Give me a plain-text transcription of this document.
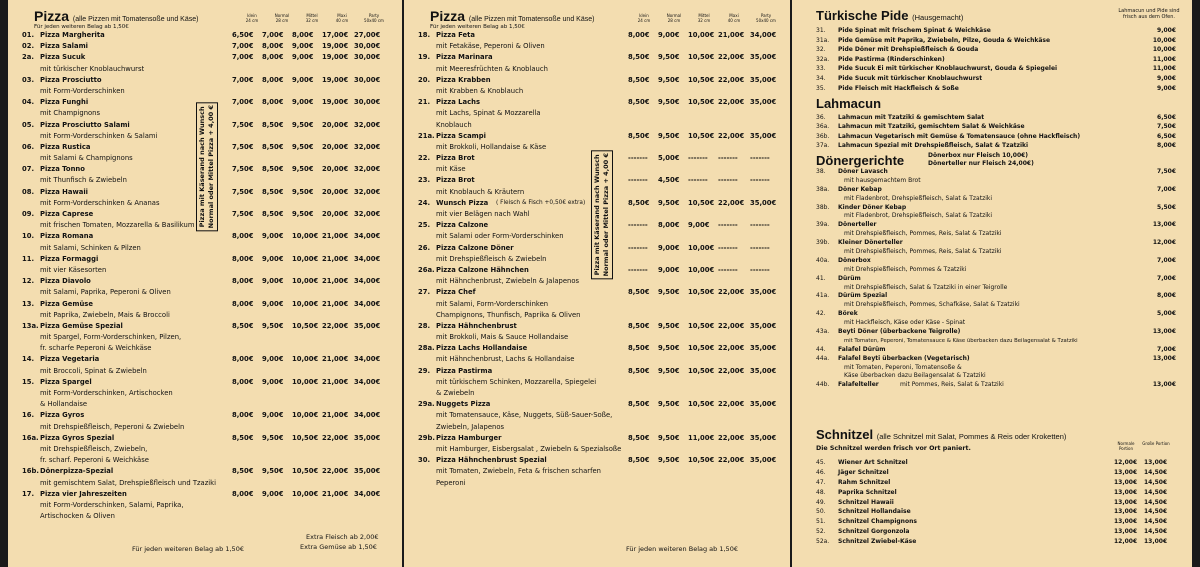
Pizza (alle Pizzen mit Tomatensoße und Käse)
Für jeden weiteren Belag ab 1,50€
klein
24 cm
Normal
28 cm
Mittel
32 cm
Maxi
40 cm
Party
50x40 cm
01. Pizza Margherita	6,50€	7,00€	8,00€	17,00€ 27,00€
02. Pizza Salami	7,00€	8,00€	9,00€	19,00€ 30,00€
2a. Pizza Sucuk	7,00€	8,00€	9,00€	19,00€ 30,00€
mit türkischer Knoblauchwurst
03. Pizza Prosciutto	7,00€	8,00€	9,00€	19,00€ 30,00€
mit Form-Vorderschinken
04. Pizza Funghi	7,00€	8,00€	9,00€	19,00€ 30,00€
mit Champignons
05. Pizza Prosciutto Salami	7,50€	8,50€	9,50€	20,00€ 32,00€
mit Form-Vorderschinken & Salami
06. Pizza Rustica	7,50€	8,50€	9,50€	20,00€ 32,00€
mit Salami & Champignons
07. Pizza Tonno	7,50€	8,50€	9,50€	20,00€ 32,00€
mit Thunfisch & Zwiebeln
08. Pizza Hawaii	7,50€	8,50€	9,50€	20,00€ 32,00€
mit Form-Vorderschinken & Ananas
09. Pizza Caprese	7,50€	8,50€	9,50€	20,00€ 32,00€
mit frischen Tomaten, Mozzarella & Basilikum
10. Pizza Romana	8,00€	9,00€	10,00€ 21,00€ 34,00€
mit Salami, Schinken & Pilzen
11. Pizza Formaggi	8,00€	9,00€	10,00€ 21,00€ 34,00€
mit vier Käsesorten
12. Pizza Diavolo	8,00€	9,00€	10,00€ 21,00€ 34,00€
mit Salami, Paprika, Peperoni & Oliven
13. Pizza Gemüse	8,00€	9,00€	10,00€ 21,00€ 34,00€
mit Paprika, Zwiebeln, Mais & Broccoli
13a. Pizza Gemüse Spezial	8,50€	9,50€	10,50€ 22,00€ 35,00€
mit Spargel, Form-Vorderschinken, Pilzen,
fr. scharfe Peperoni & Weichkäse
14. Pizza Vegetaria	8,00€	9,00€	10,00€ 21,00€ 34,00€
mit Broccoli, Spinat & Zwiebeln
15. Pizza Spargel	8,00€	9,00€	10,00€ 21,00€ 34,00€
mit Form-Vorderschinken, Artischocken
& Hollandaise
16. Pizza Gyros	8,00€	9,00€	10,00€ 21,00€ 34,00€
mit Drehspießfleisch, Peperoni & Zwiebeln
16a. Pizza Gyros Spezial	8,50€	9,50€	10,50€ 22,00€ 35,00€
mit Drehspießfleisch, Zwiebeln,
fr. scharf. Peperoni & Weichkäse
16b. Dönerpizza-Spezial	8,50€	9,50€	10,50€ 22,00€ 35,00€
mit gemischtem Salat, Drehspießfleisch und Tzaziki
17. Pizza vier Jahreszeiten	8,00€	9,00€	10,00€ 21,00€ 34,00€
mit Form-Vorderschinken, Salami, Paprika,
Artischocken & Oliven
Pizza mit Käserand nach Wunsch
Normal oder Mittel Pizza + 4,00 €
Extra Fleisch ab 2,00€
Extra Gemüse ab 1,50€
Für jeden weiteren Belag ab 1,50€
Pizza (alle Pizzen mit Tomatensoße und Käse)
Für jeden weiteren Belag ab 1,50€
klein
24 cm
Normal
28 cm
Mittel
32 cm
Maxi
40 cm
Party
50x40 cm
18. Pizza Feta	8,00€	9,00€	10,00€ 21,00€ 34,00€
mit Fetakäse, Peperoni & Oliven
19. Pizza Marinara	8,50€	9,50€	10,50€ 22,00€ 35,00€
mit Meeresfrüchten & Knoblauch
20. Pizza Krabben	8,50€	9,50€	10,50€ 22,00€ 35,00€
mit Krabben & Knoblauch
21. Pizza Lachs	8,50€	9,50€	10,50€ 22,00€ 35,00€
mit Lachs, Spinat & Mozzarella
Knoblauch
21a. Pizza Scampi	8,50€	9,50€	10,50€ 22,00€ 35,00€
mit Brokkoli, Hollandaise & Käse
22. Pizza Brot	-------	5,00€	-------	-------	-------
mit Käse
23. Pizza Brot	-------	4,50€	-------	-------	-------
mit Knoblauch & Kräutern
24. Wunsch Pizza ( Fleisch & Fisch +0,50€ extra)	8,50€	9,50€	10,50€ 22,00€ 35,00€
mit vier Belägen nach Wahl
25. Pizza Calzone	-------	8,00€	9,00€	-------	-------
mit Salami oder Form-Vorderschinken
26. Pizza Calzone Döner	-------	9,00€	10,00€ -------	-------
mit Drehspießfleisch & Zwiebeln
26a. Pizza Calzone Hähnchen	-------	9,00€	10,00€ -------	-------
mit Hähnchenbrust, Zwiebeln & Jalapenos
27. Pizza Chef	8,50€	9,50€	10,50€ 22,00€ 35,00€
mit Salami, Form-Vorderschinken
Champignons, Thunfisch, Paprika & Oliven
28. Pizza Hähnchenbrust	8,50€	9,50€	10,50€ 22,00€ 35,00€
mit Brokkoli, Mais & Sauce Hollandaise
28a. Pizza Lachs Hollandaise	8,50€	9,50€	10,50€ 22,00€ 35,00€
mit Hähnchenbrust, Lachs & Hollandaise
29. Pizza Pastirma	8,50€	9,50€	10,50€ 22,00€ 35,00€
mit türkischem Schinken, Mozzarella, Spiegelei
& Zwiebeln
29a. Nuggets Pizza	8,50€	9,50€	10,50€ 22,00€ 35,00€
mit Tomatensauce, Käse, Nuggets, Süß-Sauer-Soße,
Zwiebeln, Jalapenos
29b. Pizza Hamburger	8,50€	9,50€	11,00€ 22,00€ 35,00€
mit Hamburger, Eisbergsalat , Zwiebeln & Spezialsoße
30. Pizza Hähnchenbrust Spezial	8,50€	9,50€	10,50€ 22,00€ 35,00€
mit Tomaten, Zwiebeln, Feta & frischen scharfen
Peperoni
Pizza mit Käserand nach Wunsch
Normal oder Mittel Pizza + 4,00 €
Für jeden weiteren Belag ab 1,50€
Türkische Pide (Hausgemacht)
Lahmacun und Pide sind frisch aus dem Ofen.
31. Pide Spinat mit frischem Spinat & Weichkäse	9,00€
31a. Pide Gemüse mit Paprika, Zwiebeln, Pilze, Gouda & Weichkäse	10,00€
32. Pide Döner mit Drehspießfleisch & Gouda	10,00€
32a. Pide Pastirma (Rinderschinken)	11,00€
33. Pide Sucuk Ei mit türkischer Knoblauchwurst, Gouda & Spiegelei	11,00€
34. Pide Sucuk mit türkischer Knoblauchwurst	9,00€
35. Pide Fleisch mit Hackfleisch & Soße	9,00€
Lahmacun
36. Lahmacun mit Tzatziki & gemischtem Salat	6,50€
36a. Lahmacun mit Tzatziki, gemischtem Salat & Weichkäse	7,50€
36b. Lahmacun Vegetarisch mit Gemüse & Tomatensauce (ohne Hackfleisch)	6,50€
37a. Lahmacun Spezial mit Drehspießfleisch, Salat & Tzatziki	8,00€
Dönergerichte	Dönerbox nur Fleisch 10,00€)
Dönerteller nur Fleisch 24,00€)
38. Döner Lavasch	7,50€
mit hausgemachtem Brot
38a. Döner Kebap	7,00€
mit Fladenbrot, Drehspießfleisch, Salat & Tzatziki
38b. Kinder Döner Kebap	5,50€
mit Fladenbrot, Drehspießfleisch, Salat & Tzatziki
39a. Dönerteller	13,00€
mit Drehspießfleisch, Pommes, Reis, Salat & Tzatziki
39b. Kleiner Dönerteller	12,00€
mit Drehspießfleisch, Pommes, Reis, Salat & Tzatziki
40a. Dönerbox	7,00€
mit Drehspießfleisch, Pommes & Tzatziki
41. Dürüm	7,00€
mit Drehspießfleisch, Salat & Tzatziki in einer Teigrolle
41a. Dürüm Spezial	8,00€
mit Drehspießfleisch, Pommes, Schafkäse, Salat & Tzatziki
42. Börek	5,00€
mit Hackfleisch, Käse oder Käse - Spinat
43a. Beyti Döner (überbackene Teigrolle)	13,00€
mit Tomaten, Peperoni, Tomatensauce & Käse überbacken dazu Beilagensalat & Tzatziki
44. Falafel Dürüm	7,00€
44a. Falafel Beyti überbacken (Vegetarisch)	13,00€
mit Tomaten, Peperoni, Tomatensoße &
Käse überbacken dazu Beilagensalat & Tzatziki
44b. Falafelteller	mit Pommes, Reis, Salat & Tzatziki	13,00€
Schnitzel (alle Schnitzel mit Salat, Pommes & Reis oder Kroketten)
Die Schnitzel werden frisch vor Ort paniert.
Normale Portion
Große Portion
45. Wiener Art Schnitzel	12,00€ 13,00€
46. Jäger Schnitzel	13,00€ 14,50€
47. Rahm Schnitzel	13,00€ 14,50€
48. Paprika Schnitzel	13,00€ 14,50€
49. Schnitzel Hawaii	13,00€ 14,50€
50. Schnitzel Hollandaise	13,00€ 14,50€
51. Schnitzel Champignons	13,00€ 14,50€
52. Schnitzel Gorgonzola	13,00€ 14,50€
52a. Schnitzel Zwiebel-Käse	12,00€ 13,00€
